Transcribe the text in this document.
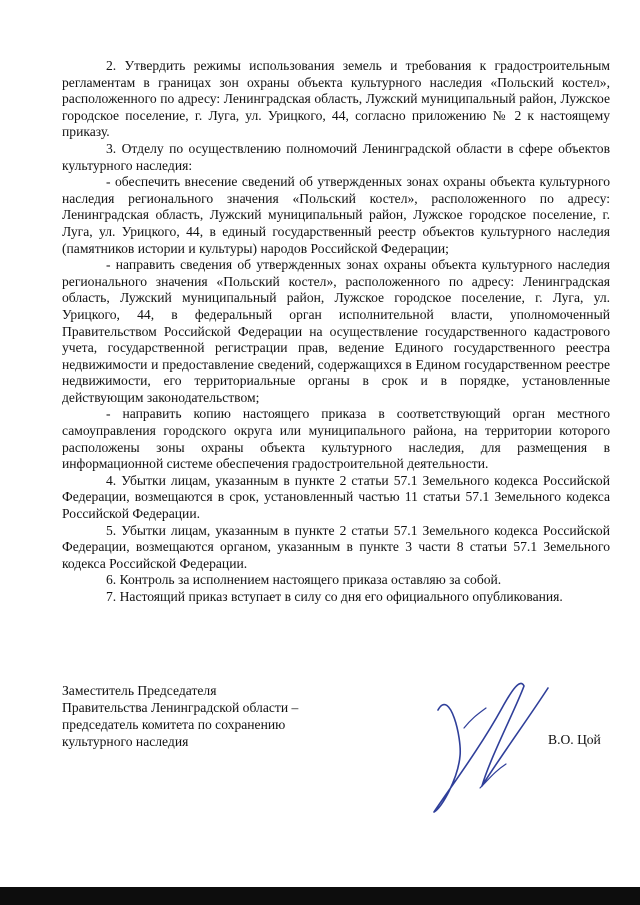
2. Утвердить режимы использования земель и требования к градостроительным регламентам в границах зон охраны объекта культурного наследия «Польский костел», расположенного по адресу: Ленинградская область, Лужский муниципальный район, Лужское городское поселение, г. Луга, ул. Урицкого, 44, согласно приложению № 2 к настоящему приказу.

3. Отделу по осуществлению полномочий Ленинградской области в сфере объектов культурного наследия:

- обеспечить внесение сведений об утвержденных зонах охраны объекта культурного наследия регионального значения «Польский костел», расположенного по адресу: Ленинградская область, Лужский муниципальный район, Лужское городское поселение, г. Луга, ул. Урицкого, 44, в единый государственный реестр объектов культурного наследия (памятников истории и культуры) народов Российской Федерации;

- направить сведения об утвержденных зонах охраны объекта культурного наследия регионального значения «Польский костел», расположенного по адресу: Ленинградская область, Лужский муниципальный район, Лужское городское поселение, г. Луга, ул. Урицкого, 44, в федеральный орган исполнительной власти, уполномоченный Правительством Российской Федерации на осуществление государственного кадастрового учета, государственной регистрации прав, ведение Единого государственного реестра недвижимости и предоставление сведений, содержащихся в Едином государственном реестре недвижимости, его территориальные органы в срок и в порядке, установленные действующим законодательством;

- направить копию настоящего приказа в соответствующий орган местного самоуправления городского округа или муниципального района, на территории которого расположены зоны охраны объекта культурного наследия, для размещения в информационной системе обеспечения градостроительной деятельности.

4. Убытки лицам, указанным в пункте 2 статьи 57.1 Земельного кодекса Российской Федерации, возмещаются в срок, установленный частью 11 статьи 57.1 Земельного кодекса Российской Федерации.

5. Убытки лицам, указанным в пункте 2 статьи 57.1 Земельного кодекса Российской Федерации, возмещаются органом, указанным в пункте 3 части 8 статьи 57.1 Земельного кодекса Российской Федерации.

6. Контроль за исполнением настоящего приказа оставляю за собой.

7. Настоящий приказ вступает в силу со дня его официального опубликования.

Заместитель Председателя
Правительства Ленинградской области –
председатель комитета по сохранению
культурного наследия	В.О. Цой
